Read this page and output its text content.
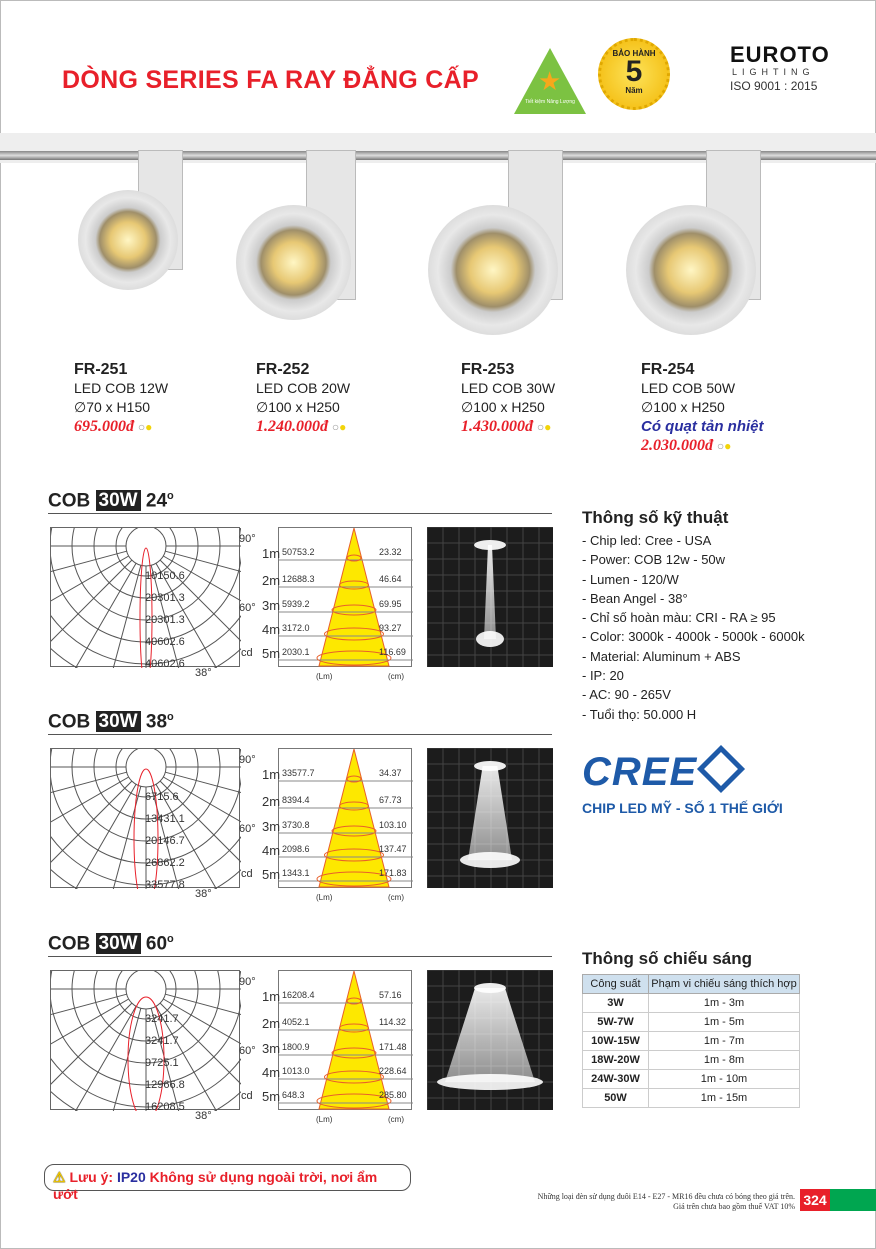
DÒNG SERIES FA RAY ĐẲNG CẤP ★
Tiết kiệm Năng Lượng
BẢO HÀNH
5
Năm
EUROTO
LIGHTING
ISO 9001 : 2015
FR-251
LED COB 12W
∅70 x H150
695.000đ ○●
FR-252
LED COB 20W
∅100 x H250
1.240.000đ ○●
FR-253
LED COB 30W
∅100 x H250
1.430.000đ ○●
FR-254
LED COB 50W
∅100 x H250
Có quạt tản nhiệt
2.030.000đ ○●
COB 30W 24$^o$
10150.6
20301.3
20301.3
40602.6
40602.6
90°
60°
cd
38°
50753.2	23.32
12688.3	46.64
5939.2	69.95
3172.0	93.27
2030.1	116.69
1m
2m
3m
4m
5m
(Lm)	(cm)
COB 30W 38$^o$
6715.6
13431.1
20146.7
26862.2
33577.8
90°
60°
cd
38°
33577.7	34.37
8394.4	67.73
3730.8	103.10
2098.6	137.47
1343.1	171.83
1m
2m
3m
4m
5m
(Lm)	(cm)
COB 30W 60$^o$
3241.7
3241.7
9725.1
12966.8
16208.5
90°
60°
cd
38°
16208.4	57.16
4052.1	114.32
1800.9	171.48
1013.0	228.64
648.3	285.80
1m
2m
3m
4m
5m
(Lm)	(cm)
Thông số kỹ thuật
- Chip led: Cree - USA
- Power: COB 12w - 50w
- Lumen - 120/W
- Bean Angel - 38°
- Chỉ số hoàn màu: CRI - RA ≥ 95
- Color: 3000k - 4000k - 5000k - 6000k
- Material: Aluminum + ABS
- IP: 20
- AC: 90 - 265V
- Tuổi thọ: 50.000 H
CREE
CHIP LED MỸ - SỐ 1 THẾ GIỚI
Thông số chiếu sáng
Công suất	Phạm vi chiếu sáng thích hợp
3W	1m - 3m
5W-7W	1m - 5m
10W-15W	1m - 7m
18W-20W	1m - 8m
24W-30W	1m - 10m
50W	1m - 15m
⚠ Lưu ý: IP20 Không sử dụng ngoài trời, nơi ẩm ướt	Những loại đèn sử dụng đuôi E14 - E27 - MR16 đều chưa có bóng theo giá trên.
Giá trên chưa bao gồm thuế VAT 10% 324
